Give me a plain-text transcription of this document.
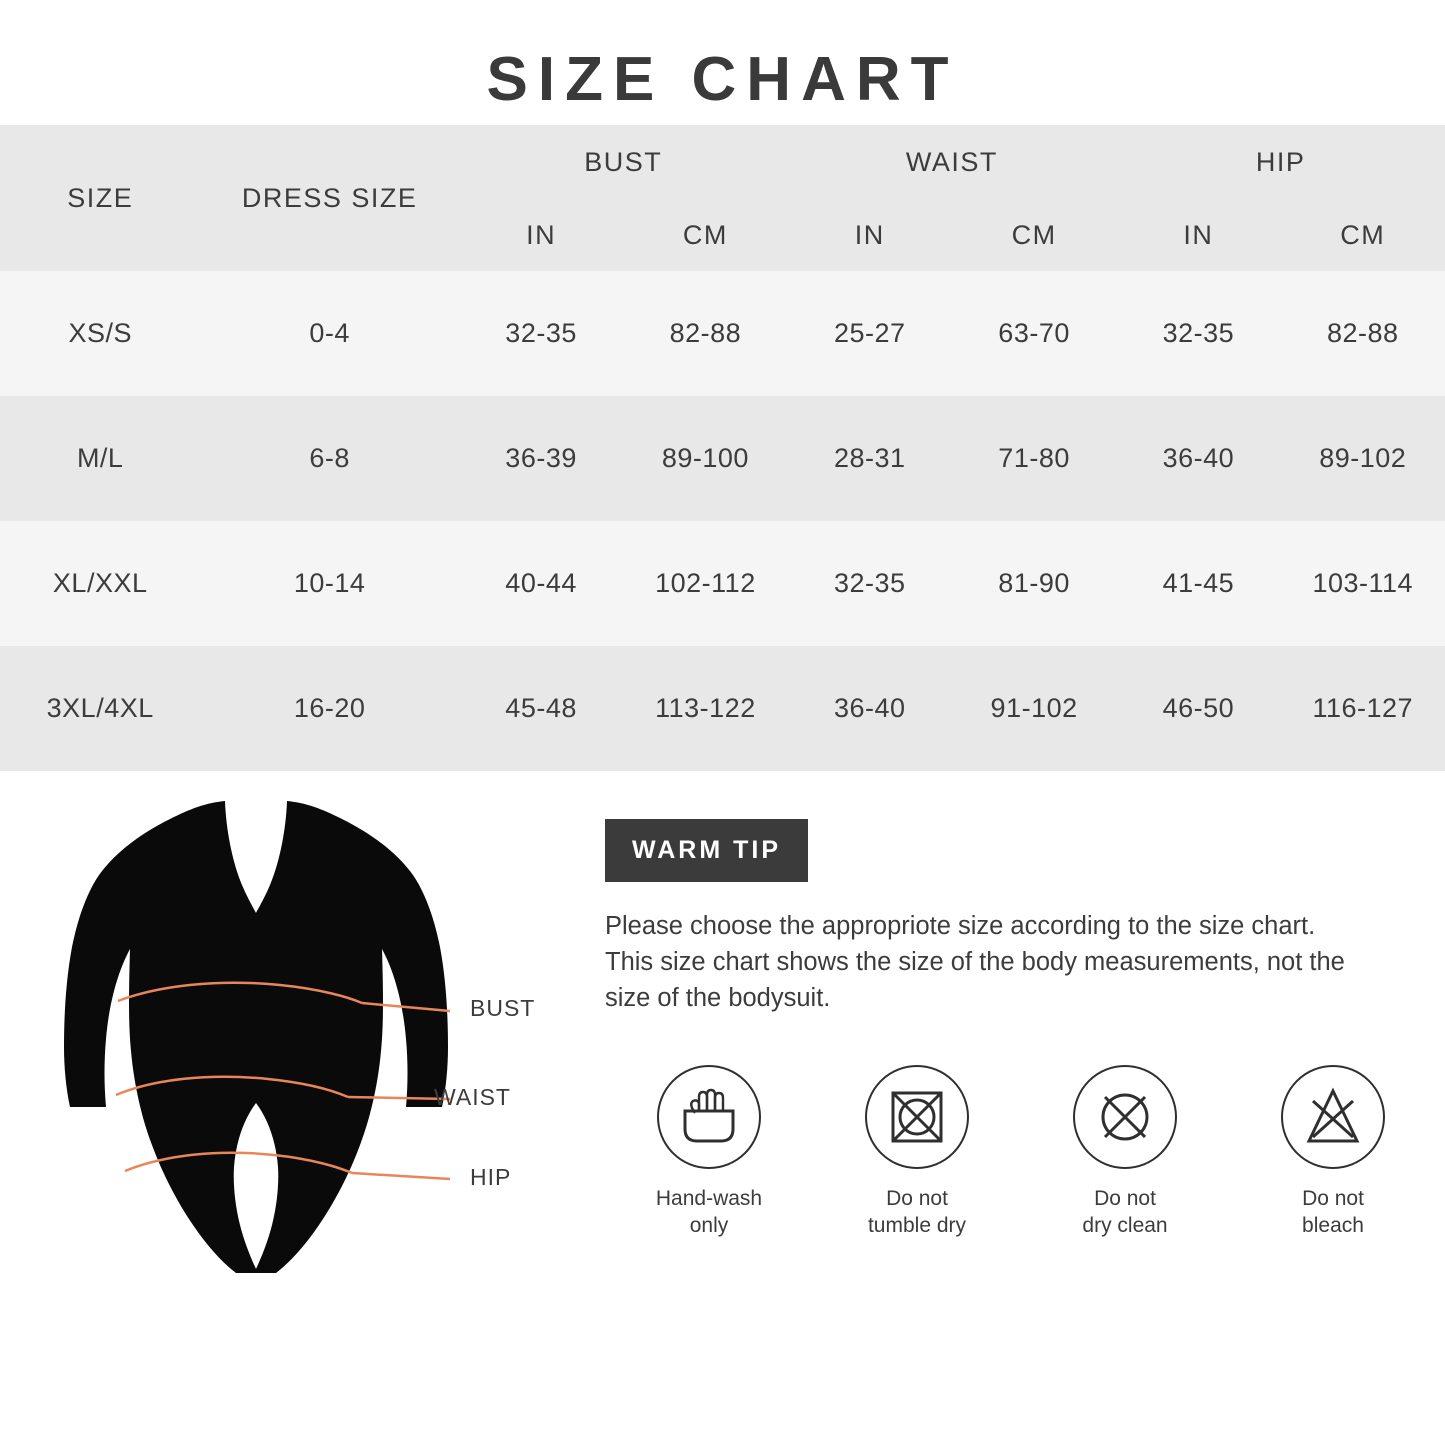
SIZE CHART
SIZE	DRESS SIZE	BUST		WAIST		HIP	
		IN	CM	IN	CM	IN	CM
XS/S	0-4	32-35	82-88	25-27	63-70	32-35	82-88
M/L	6-8	36-39	89-100	28-31	71-80	36-40	89-102
XL/XXL	10-14	40-44	102-112	32-35	81-90	41-45	103-114
3XL/4XL	16-20	45-48	113-122	36-40	91-102	46-50	116-127
BUST
WAIST
HIP
WARM TIP
Please choose the appropriote size according to the size chart.
This size chart shows the size of the body measurements, not the size of the bodysuit.
Hand-wash
only
Do not
tumble dry
Do not
dry clean
Do not
bleach
